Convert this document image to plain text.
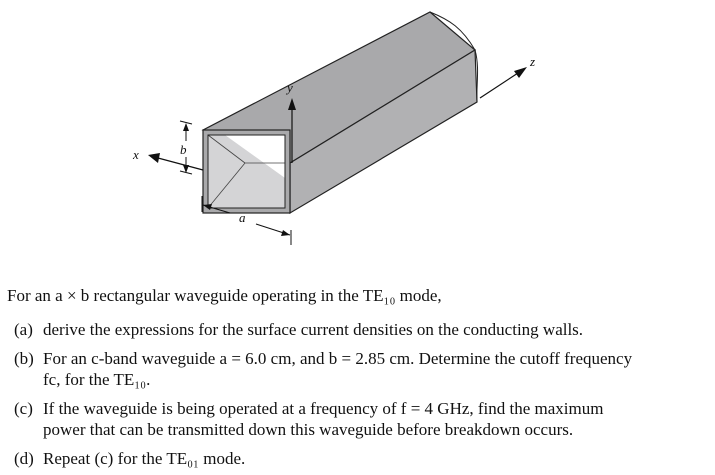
y
z
x	b
a
For an a × b rectangular waveguide operating in the TE₁₀ mode,
(a) derive the expressions for the surface current densities on the conducting walls.
(b) For an c-band waveguide a = 6.0 cm, and b = 2.85 cm. Determine the cutoff frequency
fc, for the TE₁₀.
(c) If the waveguide is being operated at a frequency of f = 4 GHz, find the maximum
power that can be transmitted down this waveguide before breakdown occurs.
(d) Repeat (c) for the TE₀₁ mode.
